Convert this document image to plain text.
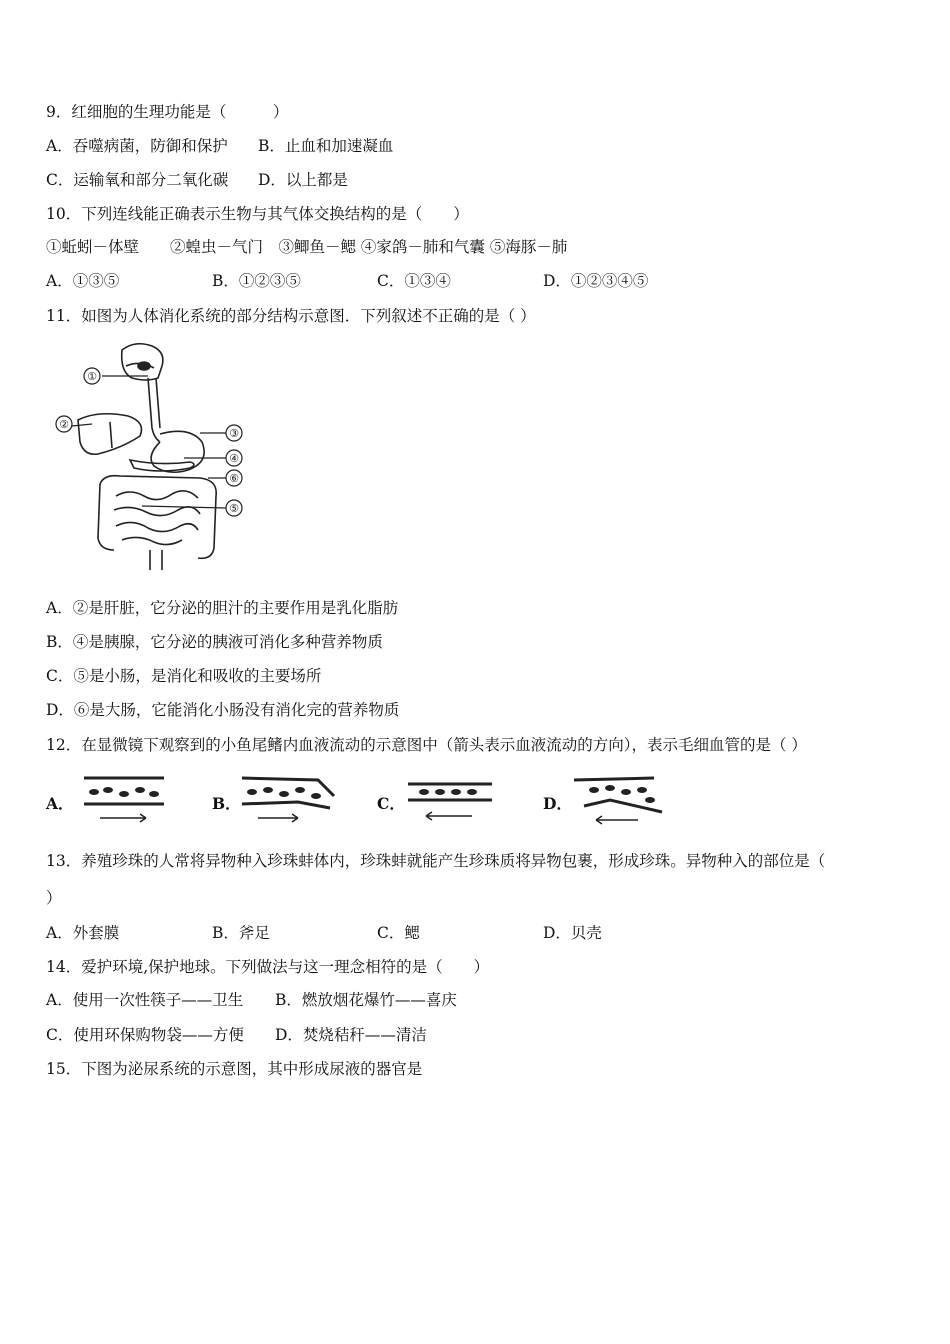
9．红细胞的生理功能是（　　　）
A．吞噬病菌，防御和保护 B．止血和加速凝血
C．运输氧和部分二氧化碳 D．以上都是
10．下列连线能正确表示生物与其气体交换结构的是（　　）
①蚯蚓－体壁　　②蝗虫－气门　③鲫鱼－鳃 ④家鸽－肺和气囊 ⑤海豚－肺
A．①③⑤	B．①②③⑤	C．①③④	D．①②③④⑤
11．如图为人体消化系统的部分结构示意图．下列叙述不正确的是（ ）
①
②
③
④
⑥
⑤
A．②是肝脏，它分泌的胆汁的主要作用是乳化脂肪
B．④是胰腺，它分泌的胰液可消化多种营养物质
C．⑤是小肠，是消化和吸收的主要场所
D．⑥是大肠，它能消化小肠没有消化完的营养物质
12．在显微镜下观察到的小鱼尾鳍内血液流动的示意图中（箭头表示血液流动的方向），表示毛细血管的是（ ）
A．	B．	C．	D．
13．养殖珍珠的人常将异物种入珍珠蚌体内，珍珠蚌就能产生珍珠质将异物包裹，形成珍珠。异物种入的部位是（
）
A．外套膜	B．斧足	C．鳃	D．贝壳
14．爱护环境,保护地球。下列做法与这一理念相符的是（　　）
A．使用一次性筷子——卫生 B．燃放烟花爆竹——喜庆
C．使用环保购物袋——方便 D．焚烧秸秆——清洁
15．下图为泌尿系统的示意图，其中形成尿液的器官是
